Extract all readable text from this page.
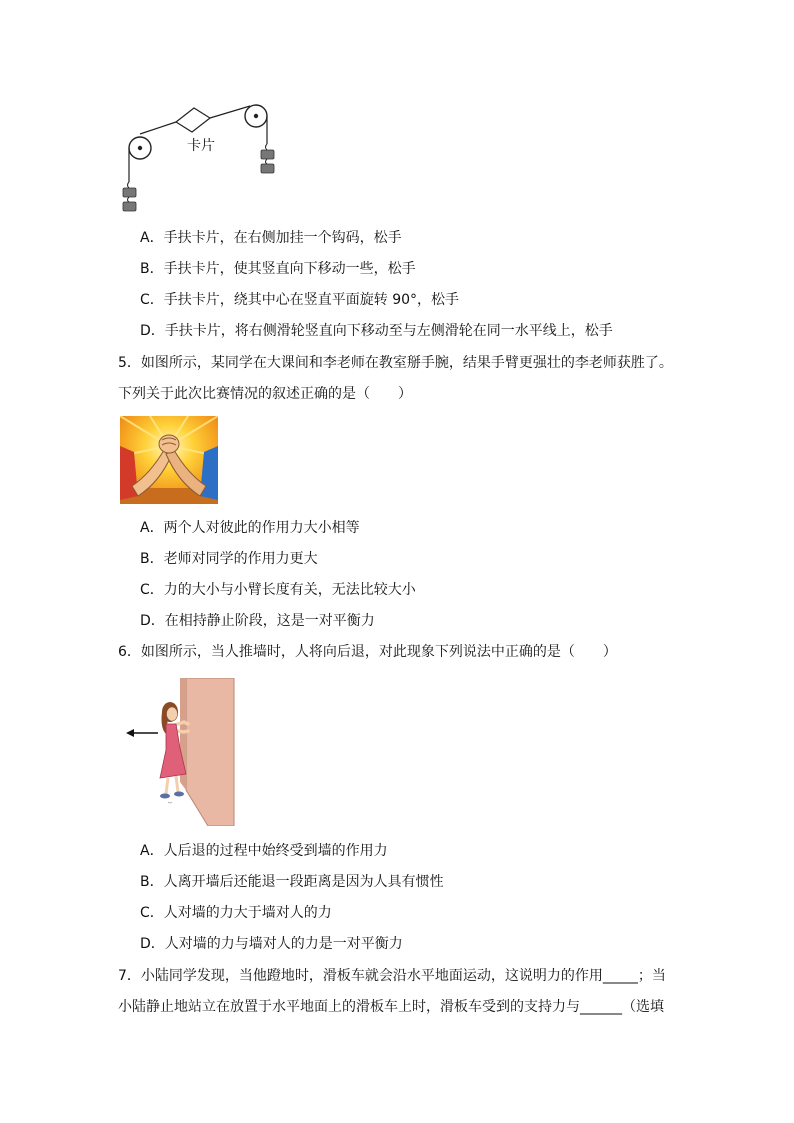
卡片
A．手扶卡片，在右侧加挂一个钩码，松手
B．手扶卡片，使其竖直向下移动一些，松手
C．手扶卡片，绕其中心在竖直平面旋转 90°，松手
D．手扶卡片，将右侧滑轮竖直向下移动至与左侧滑轮在同一水平线上，松手
5．如图所示，某同学在大课间和李老师在教室掰手腕，结果手臂更强壮的李老师获胜了。
下列关于此次比赛情况的叙述正确的是（　　）
A．两个人对彼此的作用力大小相等
B．老师对同学的作用力更大
C．力的大小与小臂长度有关，无法比较大小
D．在相持静止阶段，这是一对平衡力
6．如图所示，当人推墙时，人将向后退，对此现象下列说法中正确的是（　　）
A．人后退的过程中始终受到墙的作用力
B．人离开墙后还能退一段距离是因为人具有惯性
C．人对墙的力大于墙对人的力
D．人对墙的力与墙对人的力是一对平衡力
7．小陆同学发现，当他蹬地时，滑板车就会沿水平地面运动，这说明力的作用_____；当
小陆静止地站立在放置于水平地面上的滑板车上时，滑板车受到的支持力与______（选填
